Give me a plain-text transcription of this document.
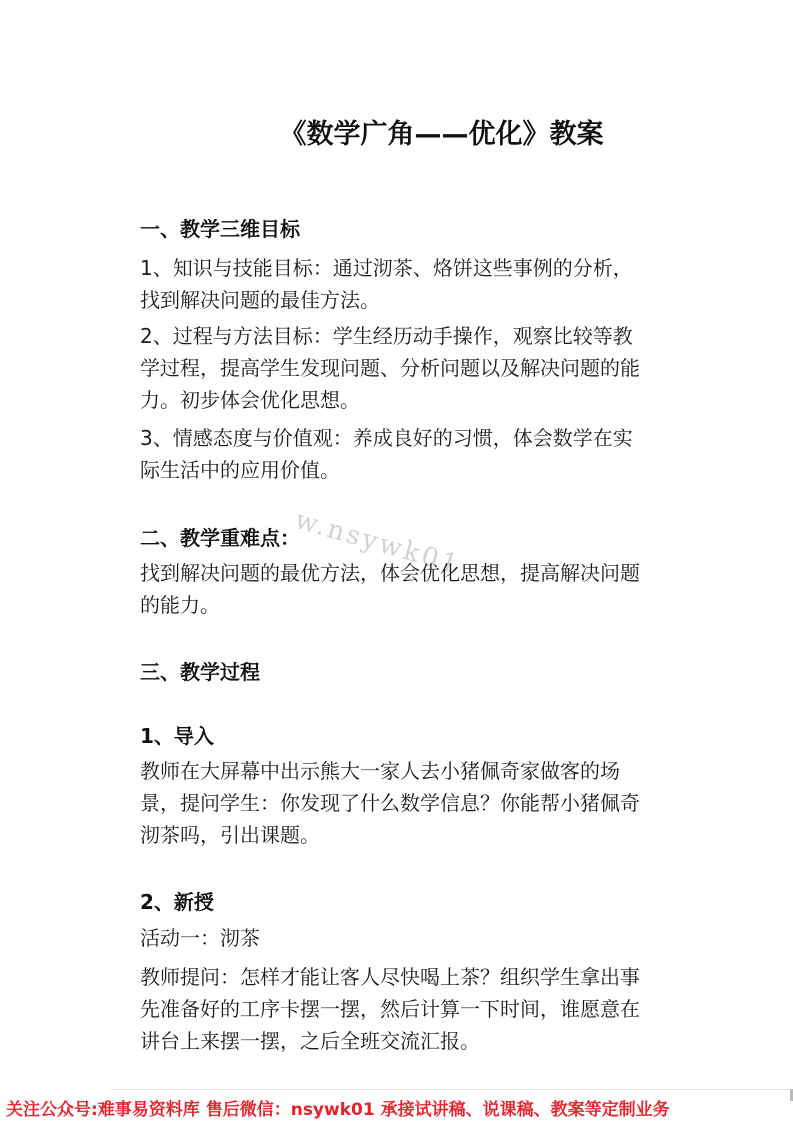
《数学广角——优化》教案
w.nsywk01
一、教学三维目标
1、知识与技能目标：通过沏茶、烙饼这些事例的分析，
找到解决问题的最佳方法。
2、过程与方法目标：学生经历动手操作，观察比较等教
学过程，提高学生发现问题、分析问题以及解决问题的能
力。初步体会优化思想。
3、情感态度与价值观：养成良好的习惯，体会数学在实
际生活中的应用价值。
二、教学重难点：
找到解决问题的最优方法，体会优化思想，提高解决问题
的能力。
三、教学过程
1、导入
教师在大屏幕中出示熊大一家人去小猪佩奇家做客的场
景，提问学生：你发现了什么数学信息？你能帮小猪佩奇
沏茶吗，引出课题。
2、新授
活动一：沏茶
教师提问：怎样才能让客人尽快喝上茶？组织学生拿出事
先准备好的工序卡摆一摆，然后计算一下时间，谁愿意在
讲台上来摆一摆，之后全班交流汇报。
关注公众号:难事易资料库 售后微信：nsywk01 承接试讲稿、说课稿、教案等定制业务
